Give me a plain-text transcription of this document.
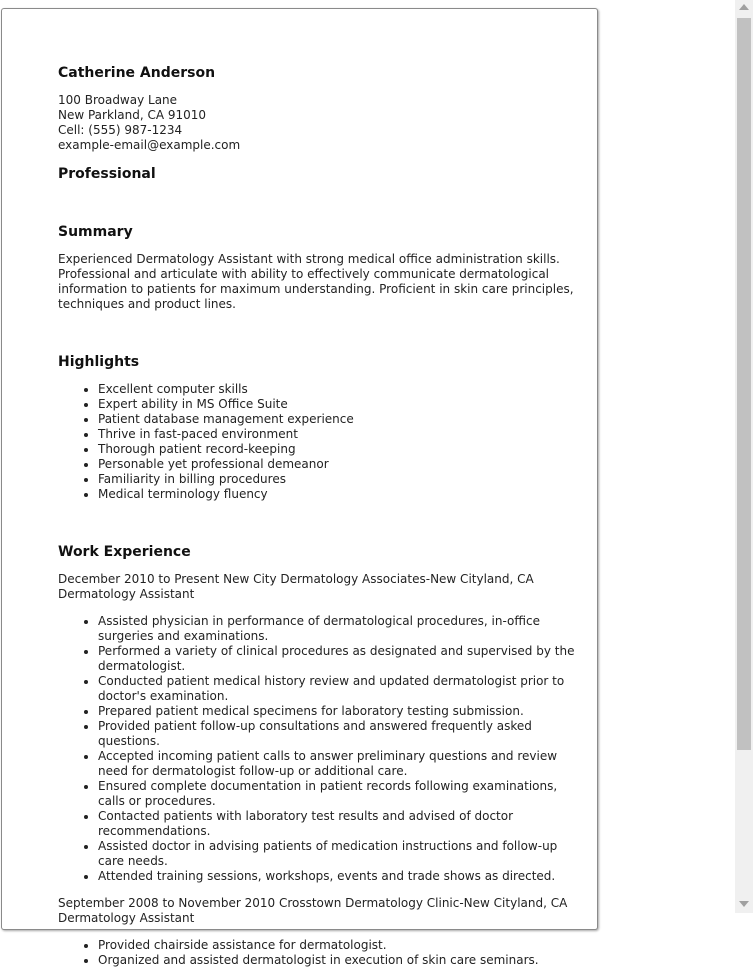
Catherine Anderson
100 Broadway Lane
New Parkland, CA 91010
Cell: (555) 987-1234
example-email@example.com
Professional
Summary

Experienced Dermatology Assistant with strong medical office administration skills. Professional and articulate with ability to effectively communicate dermatological information to patients for maximum understanding. Proficient in skin care principles, techniques and product lines.

Highlights
• Excellent computer skills
• Expert ability in MS Office Suite
• Patient database management experience
• Thrive in fast-paced environment
• Thorough patient record-keeping
• Personable yet professional demeanor
• Familiarity in billing procedures
• Medical terminology fluency
Work Experience
December 2010 to Present New City Dermatology Associates-New Cityland, CA Dermatology Assistant
• Assisted physician in performance of dermatological procedures, in-office surgeries and examinations.
• Performed a variety of clinical procedures as designated and supervised by the dermatologist.
• Conducted patient medical history review and updated dermatologist prior to doctor's examination.
• Prepared patient medical specimens for laboratory testing submission.
• Provided patient follow-up consultations and answered frequently asked questions.
• Accepted incoming patient calls to answer preliminary questions and review need for dermatologist follow-up or additional care.
• Ensured complete documentation in patient records following examinations, calls or procedures.
• Contacted patients with laboratory test results and advised of doctor recommendations.
• Assisted doctor in advising patients of medication instructions and follow-up care needs.
• Attended training sessions, workshops, events and trade shows as directed.
September 2008 to November 2010 Crosstown Dermatology Clinic-New Cityland, CA Dermatology Assistant
• Provided chairside assistance for dermatologist.
• Organized and assisted dermatologist in execution of skin care seminars.
